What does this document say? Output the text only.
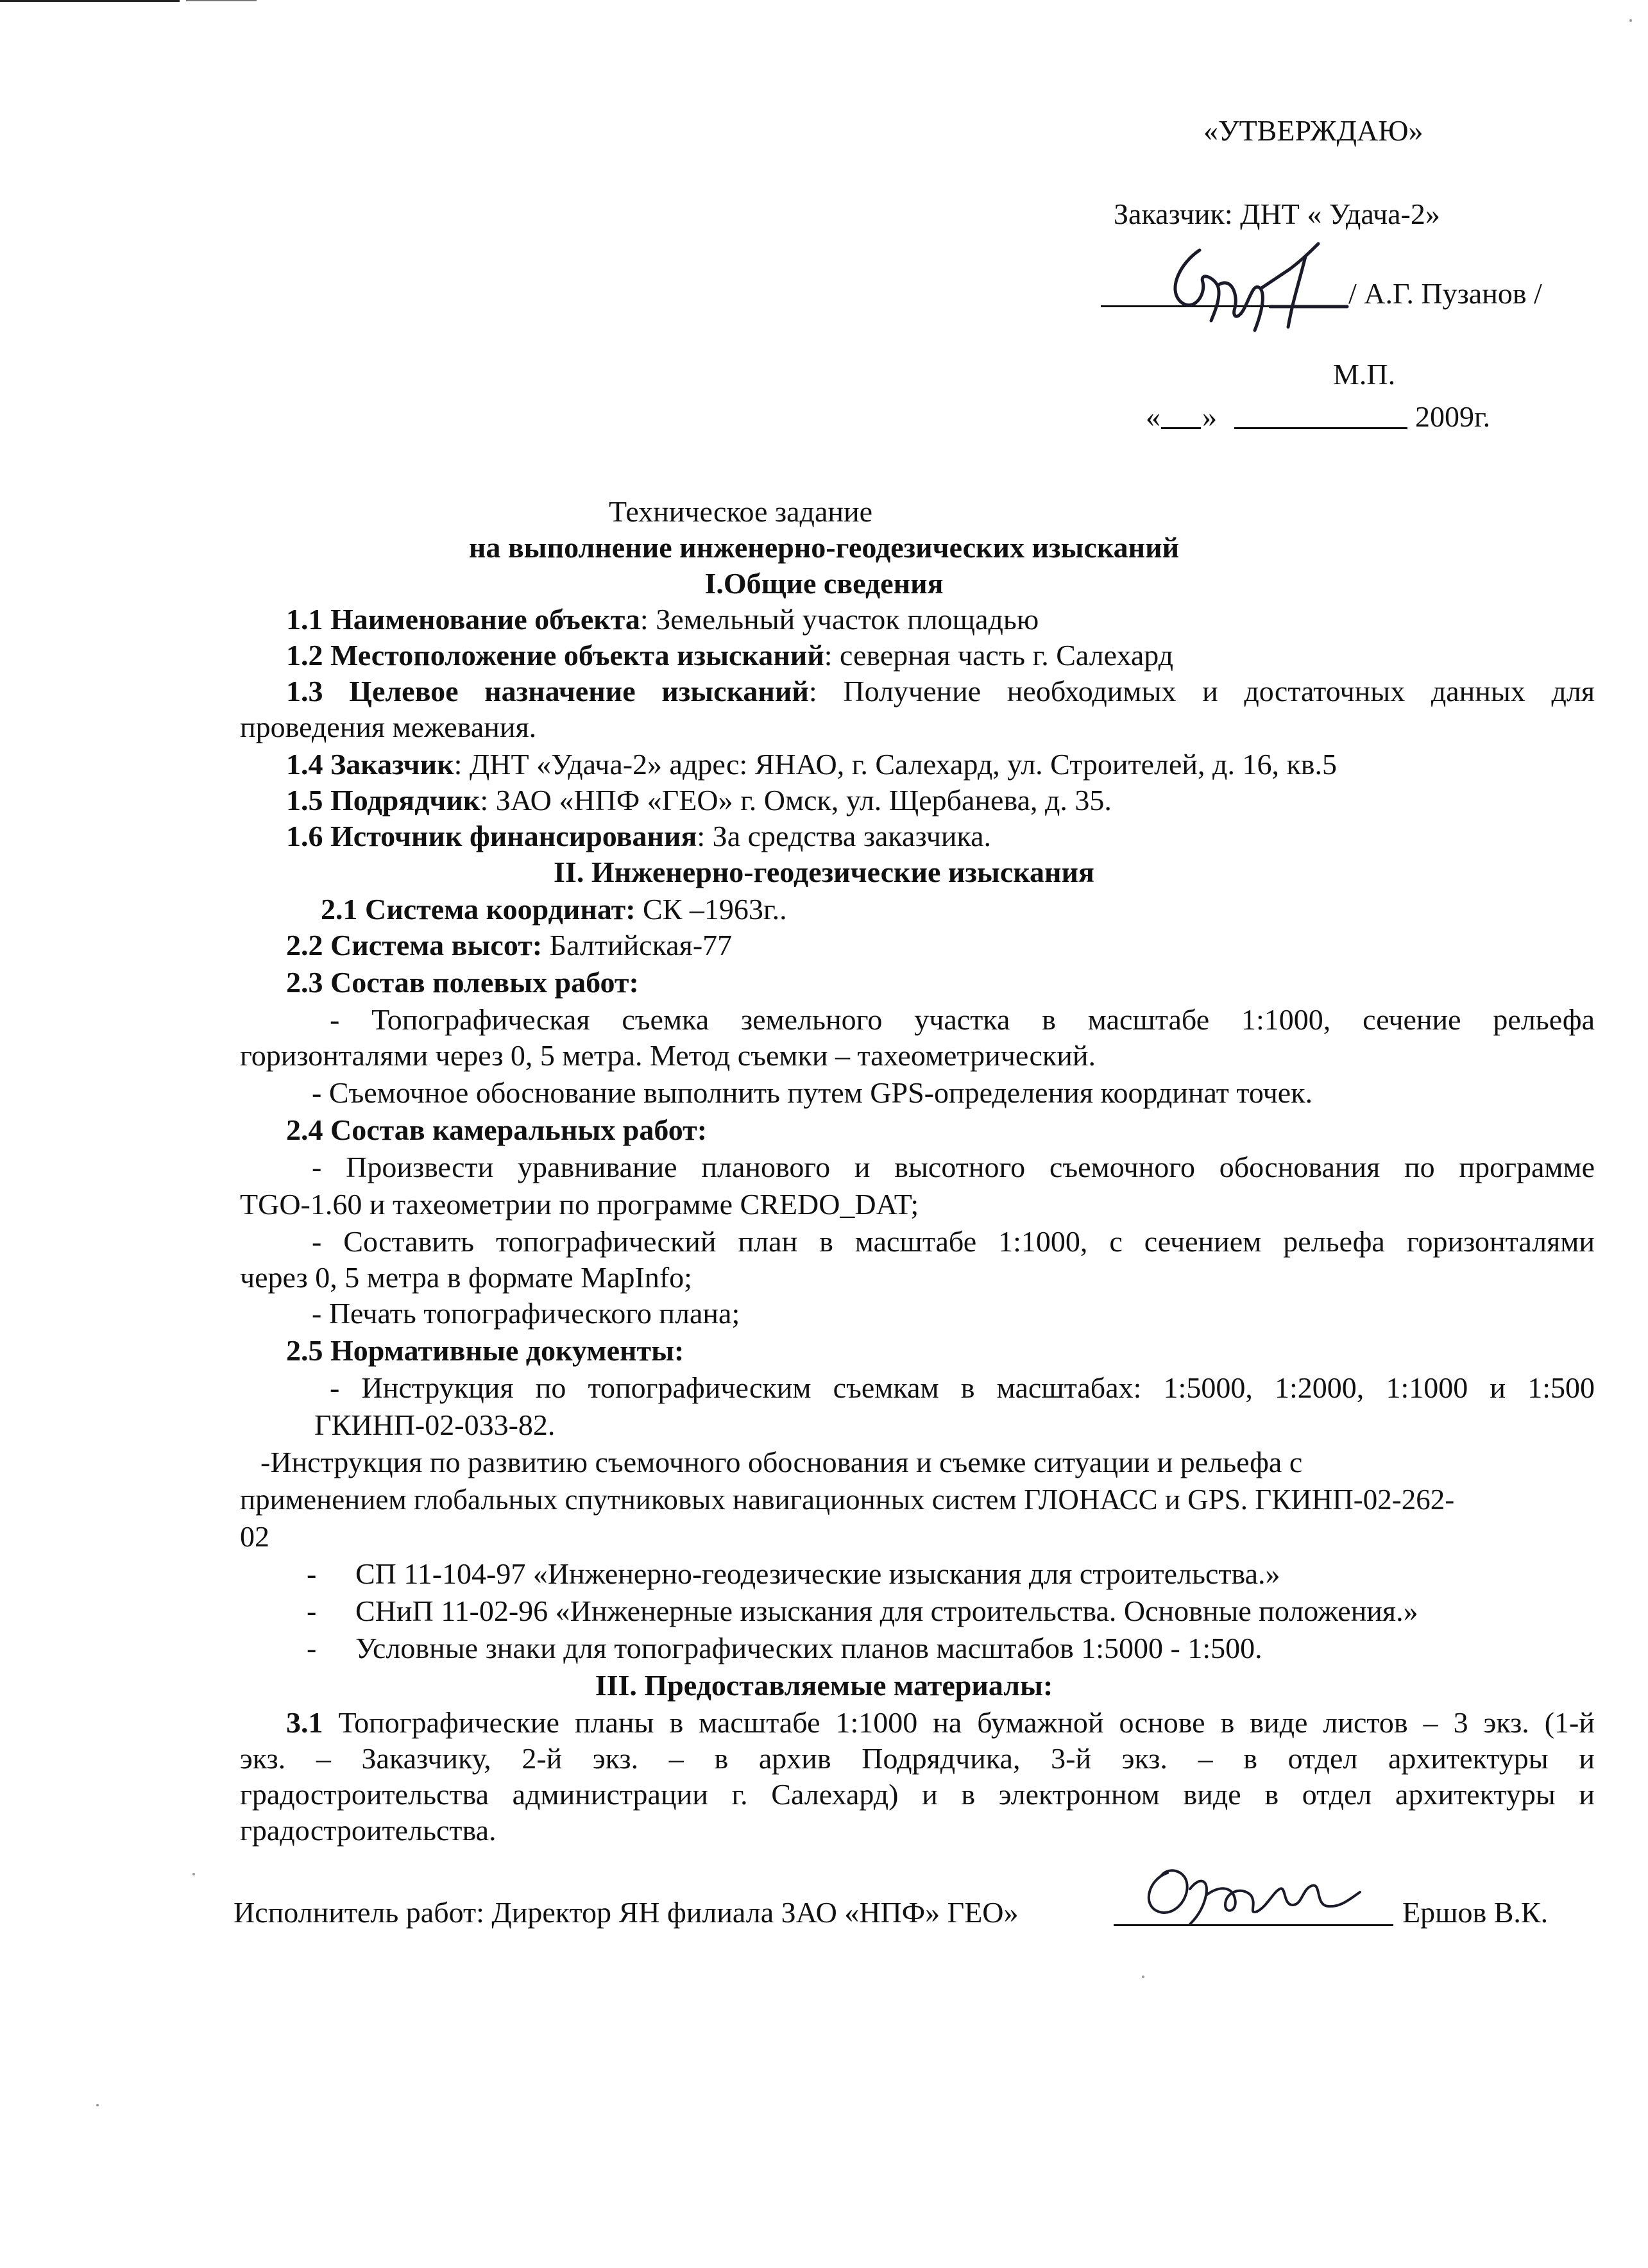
«УТВЕРЖДАЮ»
Заказчик: ДНТ « Удача-2»
/ А.Г. Пузанов /
М.П.
« »	2009г.
Техническое задание
на выполнение инженерно-геодезических изысканий
I.Общие сведения
1.1 Наименование объекта: Земельный участок площадью
1.2 Местоположение объекта изысканий: северная часть г. Салехард
1.3 Целевое назначение изысканий: Получение необходимых и достаточных данных для
проведения межевания.
1.4 Заказчик: ДНТ «Удача-2» адрес: ЯНАО, г. Салехард, ул. Строителей, д. 16, кв.5
1.5 Подрядчик: ЗАО «НПФ «ГЕО» г. Омск, ул. Щербанева, д. 35.
1.6 Источник финансирования: За средства заказчика.
II. Инженерно-геодезические изыскания
2.1 Система координат: СК –1963г..
2.2 Система высот: Балтийская-77
2.3 Состав полевых работ:
- Топографическая съемка земельного участка в масштабе 1:1000, сечение рельефа
горизонталями через 0, 5 метра. Метод съемки – тахеометрический.
- Съемочное обоснование выполнить путем GPS-определения координат точек.
2.4 Состав камеральных работ:
- Произвести уравнивание планового и высотного съемочного обоснования по программе
TGO-1.60 и тахеометрии по программе CREDO_DAT;
- Составить топографический план в масштабе 1:1000, с сечением рельефа горизонталями
через 0, 5 метра в формате MapInfo;
- Печать топографического плана;
2.5 Нормативные документы:
- Инструкция по топографическим съемкам в масштабах: 1:5000, 1:2000, 1:1000 и 1:500
ГКИНП-02-033-82.
-Инструкция по развитию съемочного обоснования и съемке ситуации и рельефа с
применением глобальных спутниковых навигационных систем ГЛОНАСС и GPS. ГКИНП-02-262-
02
- СП 11-104-97 «Инженерно-геодезические изыскания для строительства.»
- СНиП 11-02-96 «Инженерные изыскания для строительства. Основные положения.»
- Условные знаки для топографических планов масштабов 1:5000 - 1:500.
III. Предоставляемые материалы:
3.1 Топографические планы в масштабе 1:1000 на бумажной основе в виде листов – 3 экз. (1-й
экз. – Заказчику, 2-й экз. – в архив Подрядчика, 3-й экз. – в отдел архитектуры и
градостроительства администрации г. Салехард) и в электронном виде в отдел архитектуры и
градостроительства.
Исполнитель работ: Директор ЯН филиала ЗАО «НПФ» ГЕО»	Ершов В.К.
